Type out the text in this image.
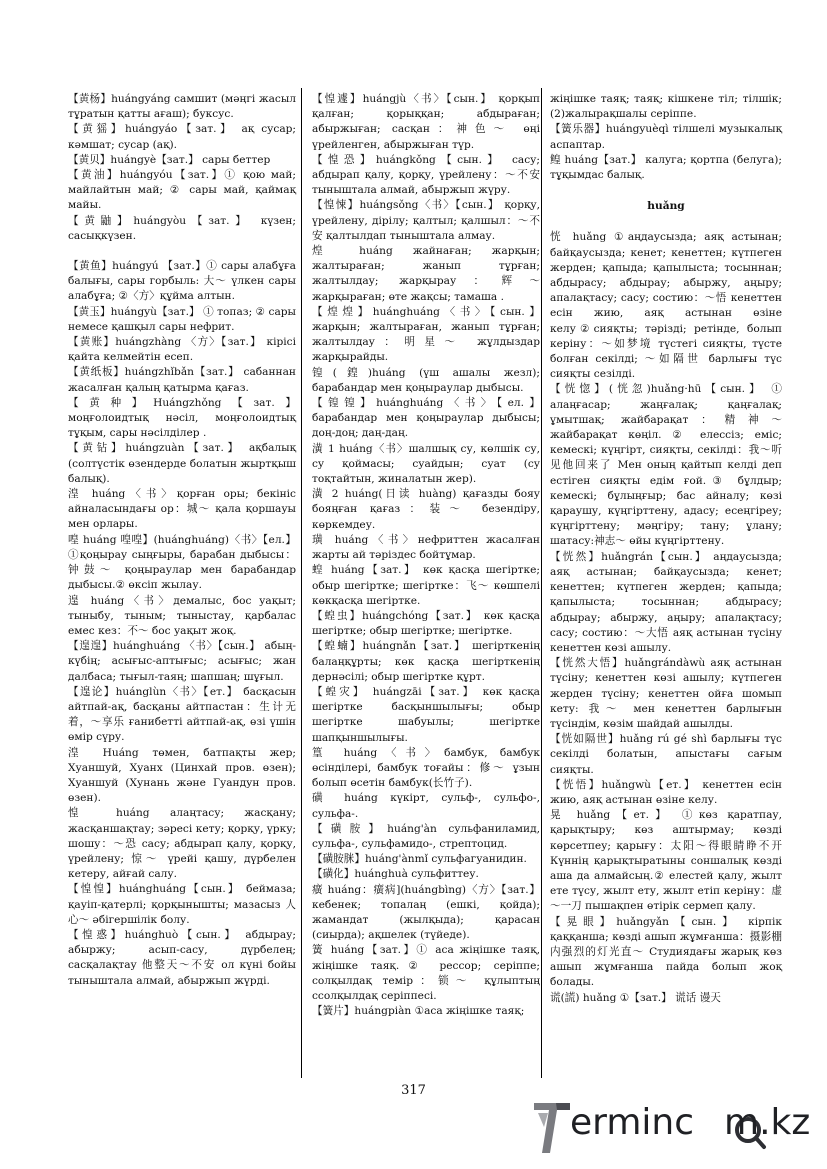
【黄杨】huángyáng самшит (мәңгі жасыл тұратын қатты ағаш); буксус.

【黄猺】huángyáo【зат.】 ақ сусар; кәмшат; сусар (ақ).

【黄贝】huángyè【зат.】 сары беттер

【黄油】huángyóu【зат.】① қою май; майлайтын май; ② сары май, қаймақ майы.

【黄鼬】huángyòu【зат.】 күзен; сасықкүзен.

【黄鱼】huángyú 【зат.】① сары алабұға балығы, сары горбыль: 大～ үлкен сары алабұға; ②〈方〉құйма алтын.

【黄玉】huángyù【зат.】 ① топаз; ② сары немесе қашқыл сары нефрит.

【黄账】huángzhàng 〈方〉【зат.】 кірісі қайта келмейтін есеп.

【黄纸板】huángzhǐbǎn【зат.】 сабаннан жасалған қалың қатырма қағаз.

【黄种】Huángzhǒng【зат.】 моңғолоидтық нәсіл, моңғолоидтық тұқым, сары нәсілділер .

【黄钻】huángzuàn【зат.】 ақбалық (солтүстік өзендерде болатын жыртқыш балық).

湟 huáng〈书〉қорған оры; бекініс айналасындағы ор：城～ қала қоршауы мен орлары.

喤 huáng 喤喤】(huánghuáng)〈书〉【ел.】 ①қоңырау сыңғыры, барабан дыбысы：钟鼓～ қоңыраулар мен барабандар дыбысы.② өксіп жылау.

遑 huáng〈书〉демалыс, бос уақыт; тыныбу, тыным; тыныстау, қарбалас емес кез：不～ бос уақыт жоқ.

【遑遑】huánghuáng 〈书〉【сын.】 абың-күбің; асығыс-аптығыс; асығыс; жан далбаса; тығыл-таяң; шапшаң; шұғыл.

【遑论】huánglùn〈书〉【ет.】 басқасын айтпай-ақ, басқаны айтпастан：生计无着，～享乐 ғанибетті айтпай-ақ, өзі үшін өмір сүру.

湟 Huáng төмен, батпақты жер; Хуаншуй, Хуанх (Цинхай пров. өзен); Хуаншуй (Хунань және Гуандун пров. өзен).

惶 huáng алаңтасу; жасқану; жасқаншақтау; зәресі кету; қорқу, үрку; шошу：～恐 сасу; абдырап қалу, қорқу, үрейлену; 惊～ үрейі қашу, дүрбелен кетеру, айғай салу.

【惶惶】huánghuáng【сын.】 беймаза; қауіп-қатерлі; қорқынышты; мазасыз 人心～ әбігершілік болу.

【惶惑】huánghuò【сын.】 абдырау; абыржу; асып-сасу, дүрбелең; сасқалақтау 他整天～不安 ол күні бойы тыныштала алмай, абыржып жүрді.

【惶遽】huángjù〈书〉【сын.】 қорқып қалған; қорыққан; абдыраған; абыржыған; сасқан：神色～ өңі үрейленген, абыржыған түр.

【惶恐】huángkǒng【сын.】 сасу; абдырап қалу, қорқу, үрейлену：～不安 тыныштала алмай, абыржып жүру.

【惶悚】huángsǒng〈书〉【сын.】 қорқу, үрейлену, дірілу; қалтыл; қалшыл：～不安 қалтылдап тыныштала алмау.

煌 huáng жайнаған; жарқын; жалтыраған; жанып тұрған; жалтылдау; жарқырау：辉～жарқыраған; өте жақсы; тамаша .

【煌煌】huánghuáng〈书〉【сын.】 жарқын; жалтыраған, жанып тұрған; жалтылдау：明星～ жұлдыздар жарқырайды.

锽(鍠)huáng (үш ашалы жезл); барабандар мен қоңыраулар дыбысы.

【锽锽】huánghuáng〈书〉【ел.】 барабандар мен қоңыраулар дыбысы; доң-доң; даң-даң.

潢 1 huáng〈书〉шалшық су, көлшік су, су қоймасы; суайдын; суат (су тоқтайтын, жиналатын жер).

潢 2 huáng(日读 huàng) қағазды бояу бояңған қағаз：装～ безендіру, көркемдеу.

璜 huáng〈书〉нефриттен жасалған жарты ай тәріздес бойтұмар.

蝗 huáng【зат.】 көк қасқа шегіртке; обыр шегіртке; шегіртке：飞～ көшпелі көкқасқа шегіртке.

【蝗虫】huángchóng【зат.】 көк қасқа шегіртке; обыр шегіртке; шегіртке.

【蝗蝻】huángnǎn【зат.】 шегірткенің балаңқұрты; көк қасқа шегірткенің дернәсілі; обыр шегіртке құрт.

【蝗灾】 huángzāi【зат.】 көк қасқа шегіртке басқыншылығы; обыр шегіртке шабуылы; шегіртке шапқыншылығы.

篁 huáng〈书〉бамбук, бамбук өсінділері, бамбук тоғайы：修～ ұзын болып өсетін бамбук(长竹子).

磺 huáng күкірт, сульф-, сульфо-, сульфа-.

【磺胺】huáng'àn сульфаниламид, сульфа-, сульфамидо-, стрептоцид.

【磺胺脒】huáng'ànmǐ сульфагуанидин.

【磺化】huánghuà сульфиттеу.

癀 huáng：癀病](huángbìng)〈方〉【зат.】 кебенек; топалаң (ешкі, қойда); жамандат (жылқыда); қарасан (сиырда); ақшелек (түйеде).

簧 huáng【зат.】① аса жіңішке таяқ, жіңішке таяқ.② рессор; серіппе; солқылдақ темір：锁～ құлыптың ссолқылдақ серіппесі.

【簧片】huángpiàn ①аса жіңішке таяқ;

жіңішке таяқ; таяқ; кішкене тіл; тілшік; (2)жалырақшалы серіппе.

【簧乐器】huángyuèqì тілшелі музыкалық аспаптар.

鳇 huáng【зат.】 калуга; қортпа (белуга); тұқымдас балық.

huǎng

恍 huǎng ①аңдаусызда; аяқ астынан; байқаусызда; кенет; кенеттен; күтпеген жерден; қапыда; қапылыста; тосыннан; абдырасу; абдырау; абыржу, аңыру; апалақтасу; сасу; состию：～悟 кенеттен есін жию, аяқ астынан өзіне келу②сияқты; тәрізді; ретінде, болып керіну：～如梦境 түстегі сияқты, түсте болған секілді; ～如隔世 барлығы түс сияқты сезілді.

【恍惚】(恍忽)huǎng·hū【сын.】 ① алаңғасар; жаңғалақ; қаңғалақ; ұмытшақ; жайбарақат：精神～ жайбарақат көңіл. ② елессіз; еміс; кемескі; күңгірт, сияқты, секілді：我～听见他回来了 Мен оның қайтып келді деп естіген сияқты едім ғой.③ бұлдыр; кемескі; бұлыңғыр; бас айналу; көзі қараушу, күңгірттену, адасу; есеңгіреу; күңгірттену; мәңгіру; тану; ұлану; шатасу:神志～ өйы күңгірттену.

【恍然】huǎngrán【сын.】 аңдаусызда; аяқ астынан; байқаусызда; кенет; кенеттен; күтпеген жерден; қапыда; қапылыста; тосыннан; абдырасу; абдырау; абыржу, аңыру; апалақтасу; сасу; состию：～大悟 аяқ астынан түсіну кенеттен көзі ашылу.

【恍然大悟】huǎngrándàwù аяқ астынан түсіну; кенеттен көзі ашылу; күтпеген жерден түсіну; кенеттен ойға шомып кету: 我～ мен кенеттен барлығын түсіндім, көзім шайдай ашылды.

【恍如隔世】huǎng rú gé shì барлығы түс секілді болатын, апыстағы сағым сияқты.

【恍悟】huǎngwù【ет.】 кенеттен есін жию, аяқ астынан өзіне келу.

晃 huǎng【ет.】 ①көз қаратпау, қарықтыру; көз аштырмау; көзді көрсетпеу; қарығу：太阳～得眼睛睁不开 Күннің қарықтыратыны соншалық көзді аша да алмайсың.② елестей қалу, жылт ете түсу, жылт ету, жылт етіп керіну：虚～一刀 пышақпен өтірік сермеп қалу.

【晃眼】huǎngyǎn【сын.】 кірпік қаққанша; көзді ашып жұмғанша：摄影棚内强烈的灯光直～ Студиядағы жарық көз ашып жұмғанша пайда болып жоқ болады.

谎(謊) huǎng ①【зат.】 谎话 谩天

317
erminc m.kz
